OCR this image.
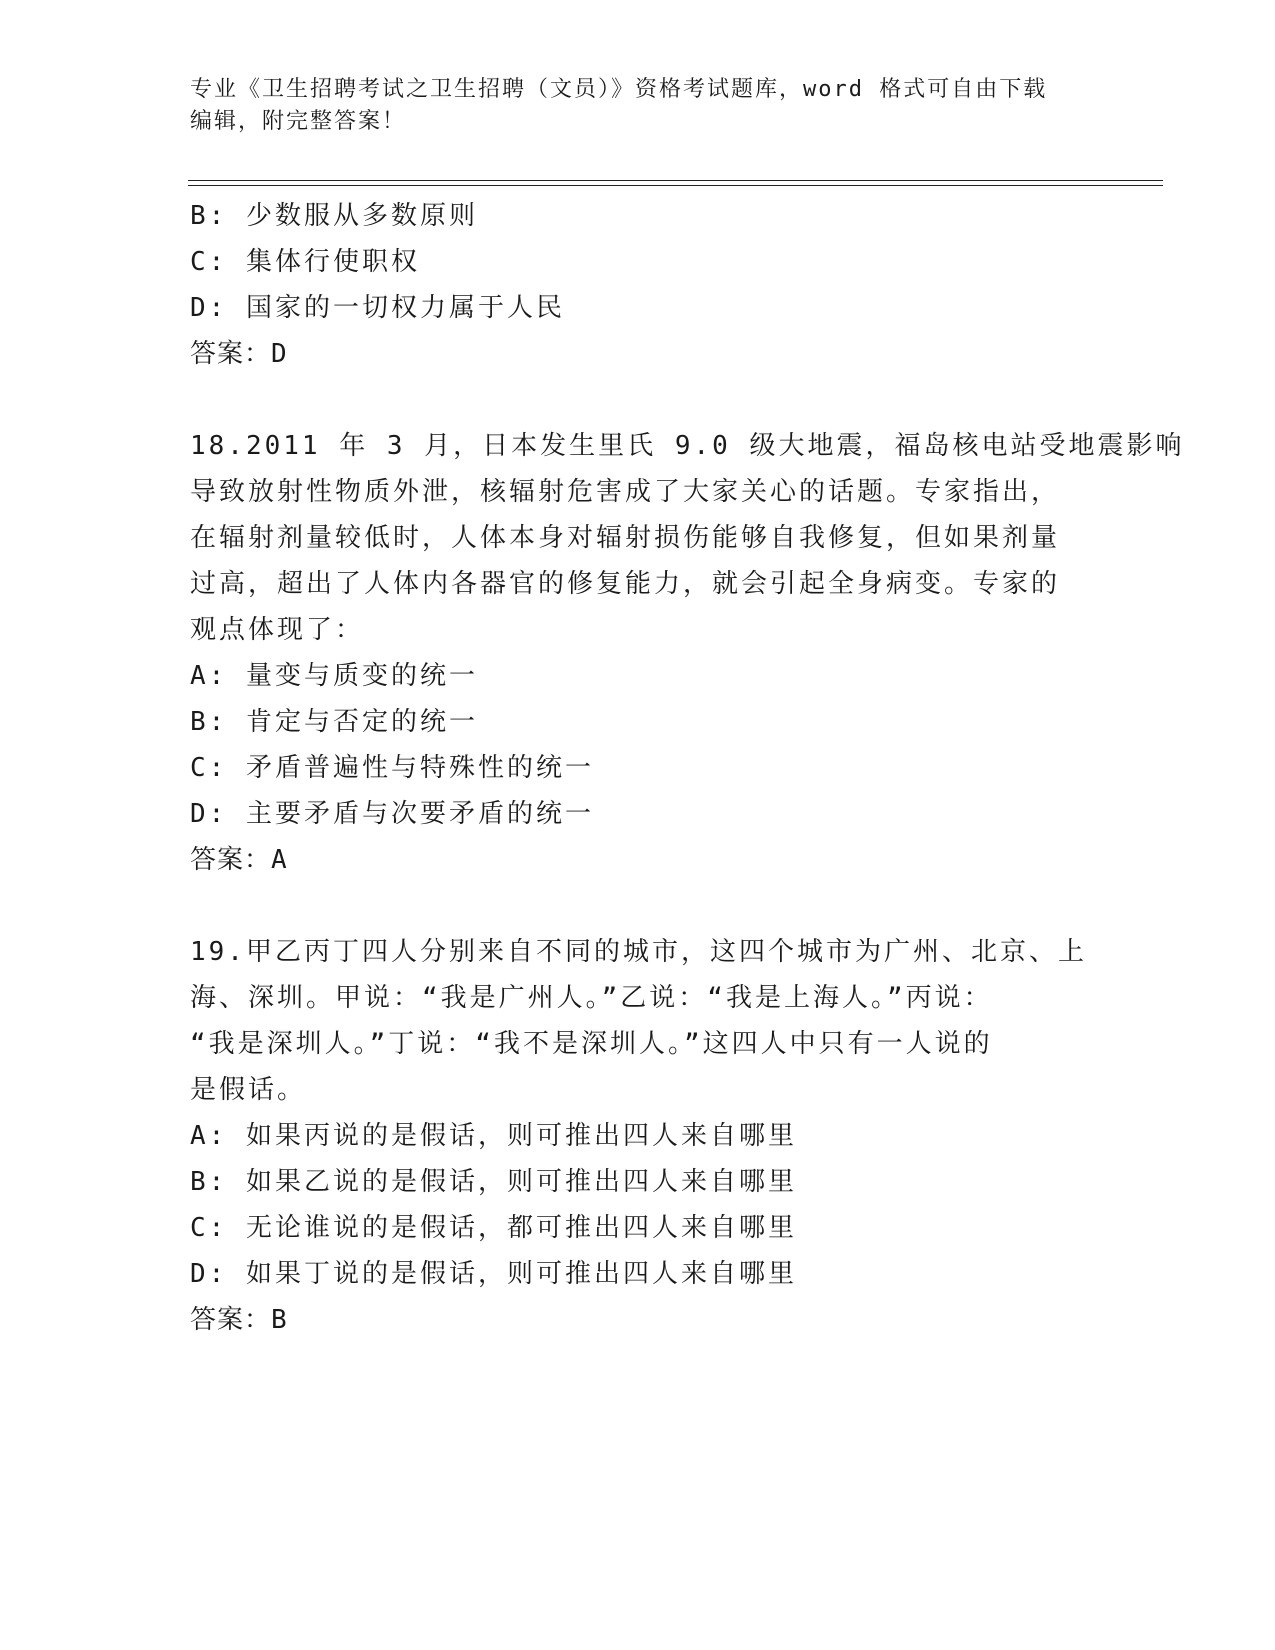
专业《卫生招聘考试之卫生招聘（文员）》资格考试题库，word 格式可自由下载
编辑，附完整答案！
B: 少数服从多数原则
C: 集体行使职权
D: 国家的一切权力属于人民
答案：D
18.2011 年 3 月，日本发生里氏 9.0 级大地震，福岛核电站受地震影响
导致放射性物质外泄，核辐射危害成了大家关心的话题。专家指出，
在辐射剂量较低时，人体本身对辐射损伤能够自我修复，但如果剂量
过高，超出了人体内各器官的修复能力，就会引起全身病变。专家的
观点体现了：
A: 量变与质变的统一
B: 肯定与否定的统一
C: 矛盾普遍性与特殊性的统一
D: 主要矛盾与次要矛盾的统一
答案：A
19.甲乙丙丁四人分别来自不同的城市，这四个城市为广州、北京、上
海、深圳。甲说：“我是广州人。”乙说：“我是上海人。”丙说：
“我是深圳人。”丁说：“我不是深圳人。”这四人中只有一人说的
是假话。
A: 如果丙说的是假话，则可推出四人来自哪里
B: 如果乙说的是假话，则可推出四人来自哪里
C: 无论谁说的是假话，都可推出四人来自哪里
D: 如果丁说的是假话，则可推出四人来自哪里
答案：B
